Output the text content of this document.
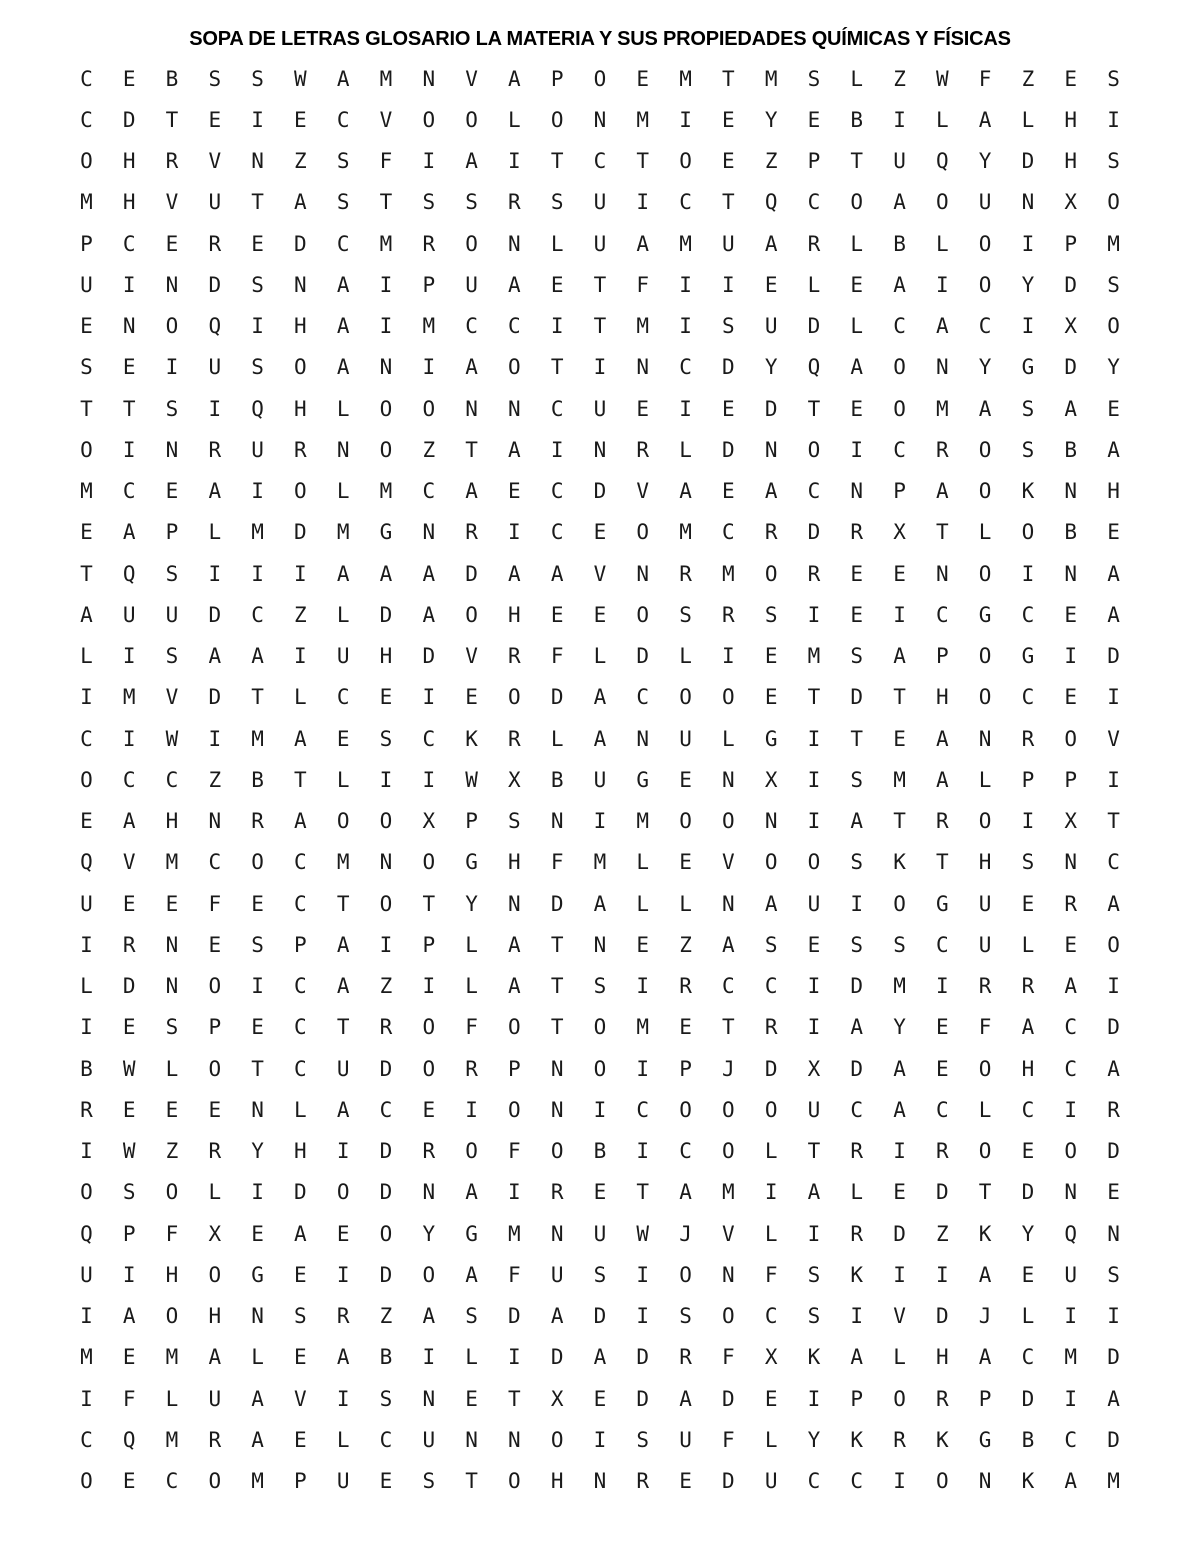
SOPA DE LETRAS GLOSARIO LA MATERIA Y SUS PROPIEDADES QUÍMICAS Y FÍSICAS
C	E	B	S	S	W	A	M	N	V	A	P	O	E	M	T	M	S	L	Z	W	F	Z	E	S
C	D	T	E	I	E	C	V	O	O	L	O	N	M	I	E	Y	E	B	I	L	A	L	H	I
O	H	R	V	N	Z	S	F	I	A	I	T	C	T	O	E	Z	P	T	U	Q	Y	D	H	S
M	H	V	U	T	A	S	T	S	S	R	S	U	I	C	T	Q	C	O	A	O	U	N	X	O
P	C	E	R	E	D	C	M	R	O	N	L	U	A	M	U	A	R	L	B	L	O	I	P	M
U	I	N	D	S	N	A	I	P	U	A	E	T	F	I	I	E	L	E	A	I	O	Y	D	S
E	N	O	Q	I	H	A	I	M	C	C	I	T	M	I	S	U	D	L	C	A	C	I	X	O
S	E	I	U	S	O	A	N	I	A	O	T	I	N	C	D	Y	Q	A	O	N	Y	G	D	Y
T	T	S	I	Q	H	L	O	O	N	N	C	U	E	I	E	D	T	E	O	M	A	S	A	E
O	I	N	R	U	R	N	O	Z	T	A	I	N	R	L	D	N	O	I	C	R	O	S	B	A
M	C	E	A	I	O	L	M	C	A	E	C	D	V	A	E	A	C	N	P	A	O	K	N	H
E	A	P	L	M	D	M	G	N	R	I	C	E	O	M	C	R	D	R	X	T	L	O	B	E
T	Q	S	I	I	I	A	A	A	D	A	A	V	N	R	M	O	R	E	E	N	O	I	N	A
A	U	U	D	C	Z	L	D	A	O	H	E	E	O	S	R	S	I	E	I	C	G	C	E	A
L	I	S	A	A	I	U	H	D	V	R	F	L	D	L	I	E	M	S	A	P	O	G	I	D
I	M	V	D	T	L	C	E	I	E	O	D	A	C	O	O	E	T	D	T	H	O	C	E	I
C	I	W	I	M	A	E	S	C	K	R	L	A	N	U	L	G	I	T	E	A	N	R	O	V
O	C	C	Z	B	T	L	I	I	W	X	B	U	G	E	N	X	I	S	M	A	L	P	P	I
E	A	H	N	R	A	O	O	X	P	S	N	I	M	O	O	N	I	A	T	R	O	I	X	T
Q	V	M	C	O	C	M	N	O	G	H	F	M	L	E	V	O	O	S	K	T	H	S	N	C
U	E	E	F	E	C	T	O	T	Y	N	D	A	L	L	N	A	U	I	O	G	U	E	R	A
I	R	N	E	S	P	A	I	P	L	A	T	N	E	Z	A	S	E	S	S	C	U	L	E	O
L	D	N	O	I	C	A	Z	I	L	A	T	S	I	R	C	C	I	D	M	I	R	R	A	I
I	E	S	P	E	C	T	R	O	F	O	T	O	M	E	T	R	I	A	Y	E	F	A	C	D
B	W	L	O	T	C	U	D	O	R	P	N	O	I	P	J	D	X	D	A	E	O	H	C	A
R	E	E	E	N	L	A	C	E	I	O	N	I	C	O	O	O	U	C	A	C	L	C	I	R
I	W	Z	R	Y	H	I	D	R	O	F	O	B	I	C	O	L	T	R	I	R	O	E	O	D
O	S	O	L	I	D	O	D	N	A	I	R	E	T	A	M	I	A	L	E	D	T	D	N	E
Q	P	F	X	E	A	E	O	Y	G	M	N	U	W	J	V	L	I	R	D	Z	K	Y	Q	N
U	I	H	O	G	E	I	D	O	A	F	U	S	I	O	N	F	S	K	I	I	A	E	U	S
I	A	O	H	N	S	R	Z	A	S	D	A	D	I	S	O	C	S	I	V	D	J	L	I	I
M	E	M	A	L	E	A	B	I	L	I	D	A	D	R	F	X	K	A	L	H	A	C	M	D
I	F	L	U	A	V	I	S	N	E	T	X	E	D	A	D	E	I	P	O	R	P	D	I	A
C	Q	M	R	A	E	L	C	U	N	N	O	I	S	U	F	L	Y	K	R	K	G	B	C	D
O	E	C	O	M	P	U	E	S	T	O	H	N	R	E	D	U	C	C	I	O	N	K	A	M
